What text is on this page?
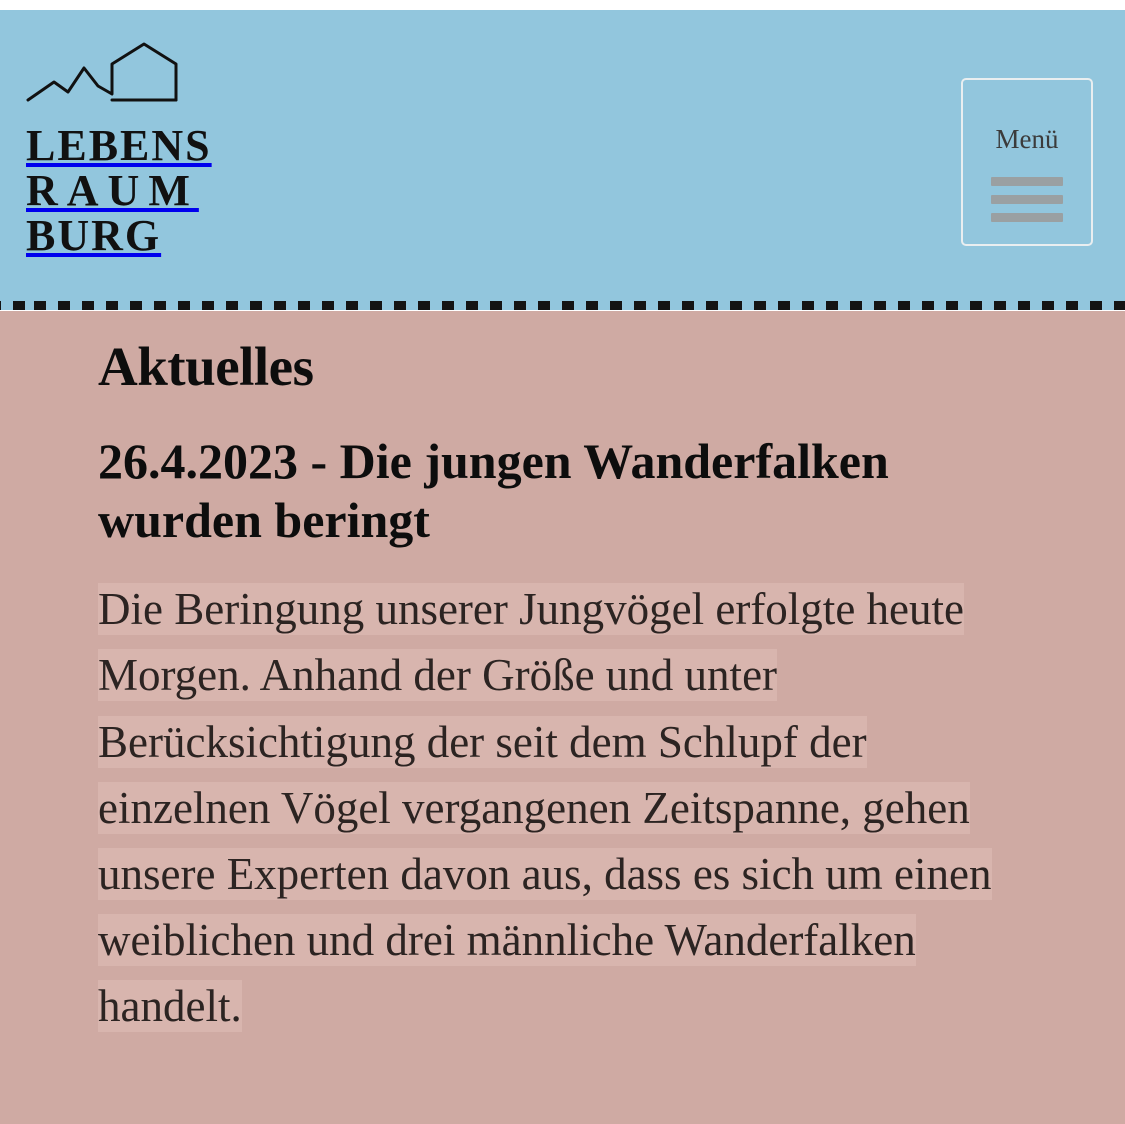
LEBENS
RAUM
BURG
Menü
Aktuelles
26.4.2023 - Die jungen Wanderfalken wurden beringt

Die Beringung unserer Jungvögel erfolgte heute Morgen. Anhand der Größe und unter Berücksichtigung der seit dem Schlupf der einzelnen Vögel vergangenen Zeitspanne, gehen unsere Experten davon aus, dass es sich um einen weiblichen und drei männliche Wanderfalken handelt.
